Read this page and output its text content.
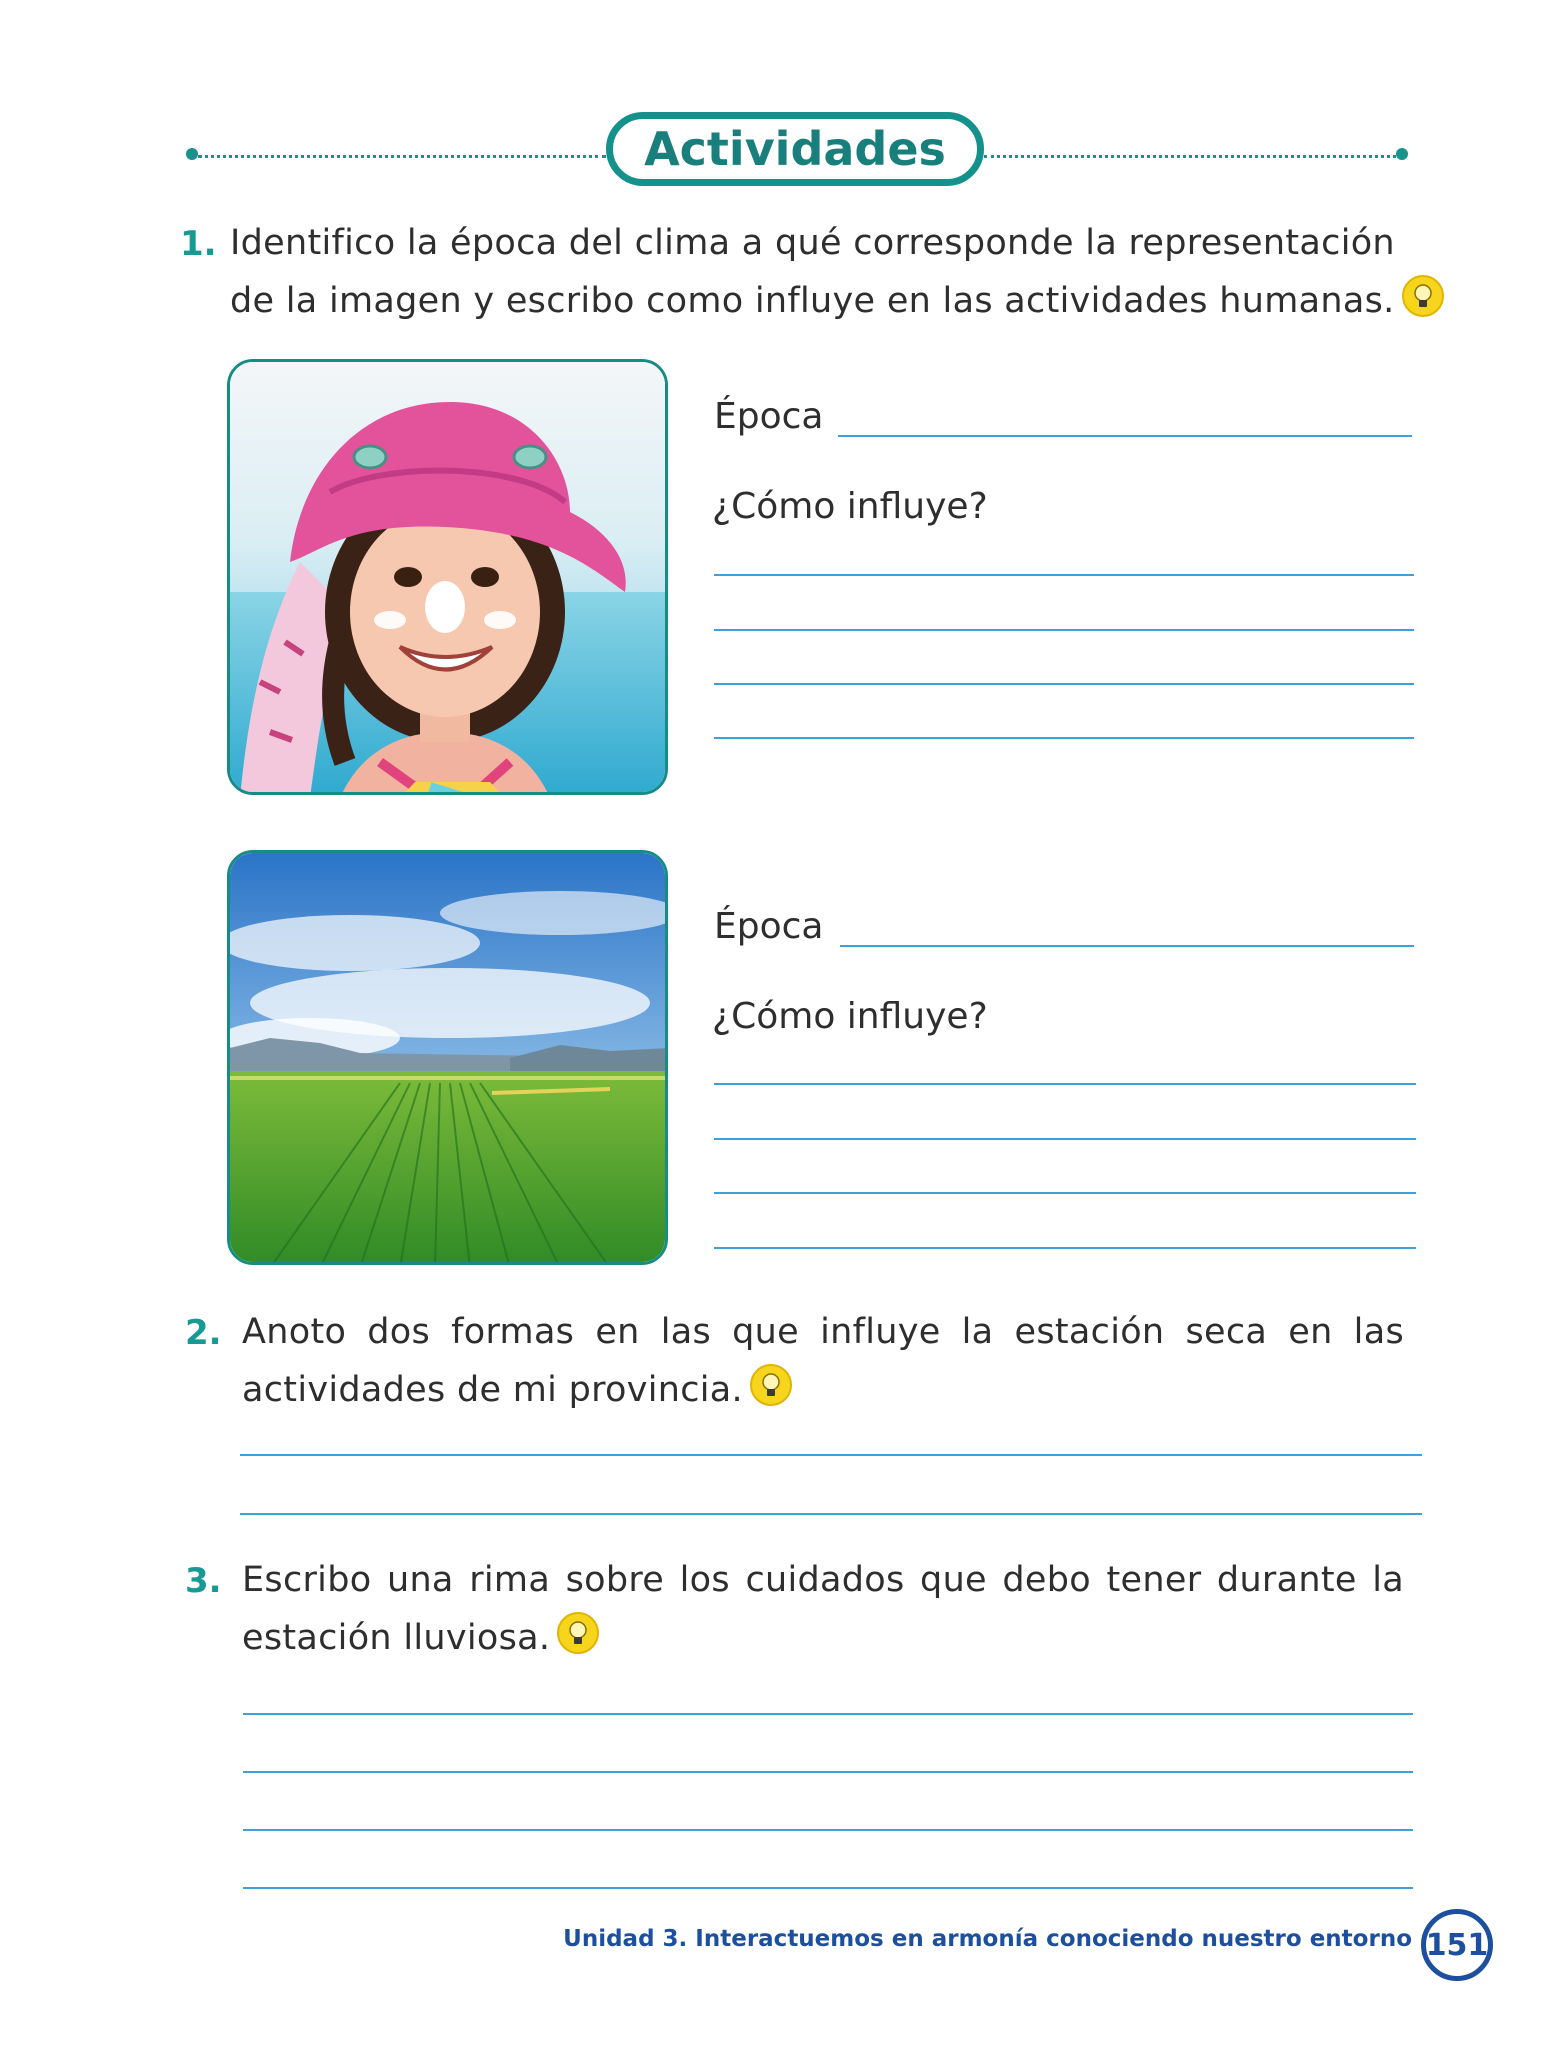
Actividades
1. Identifico la época del clima a qué corresponde la representación
de la imagen y escribo como influye en las actividades humanas.
Época
¿Cómo influye?
Época
¿Cómo influye?
2. Anoto dos formas en las que influye la estación seca en las
actividades de mi provincia.
3. Escribo una rima sobre los cuidados que debo tener durante la
estación lluviosa.
Unidad 3. Interactuemos en armonía conociendo nuestro entorno 151
